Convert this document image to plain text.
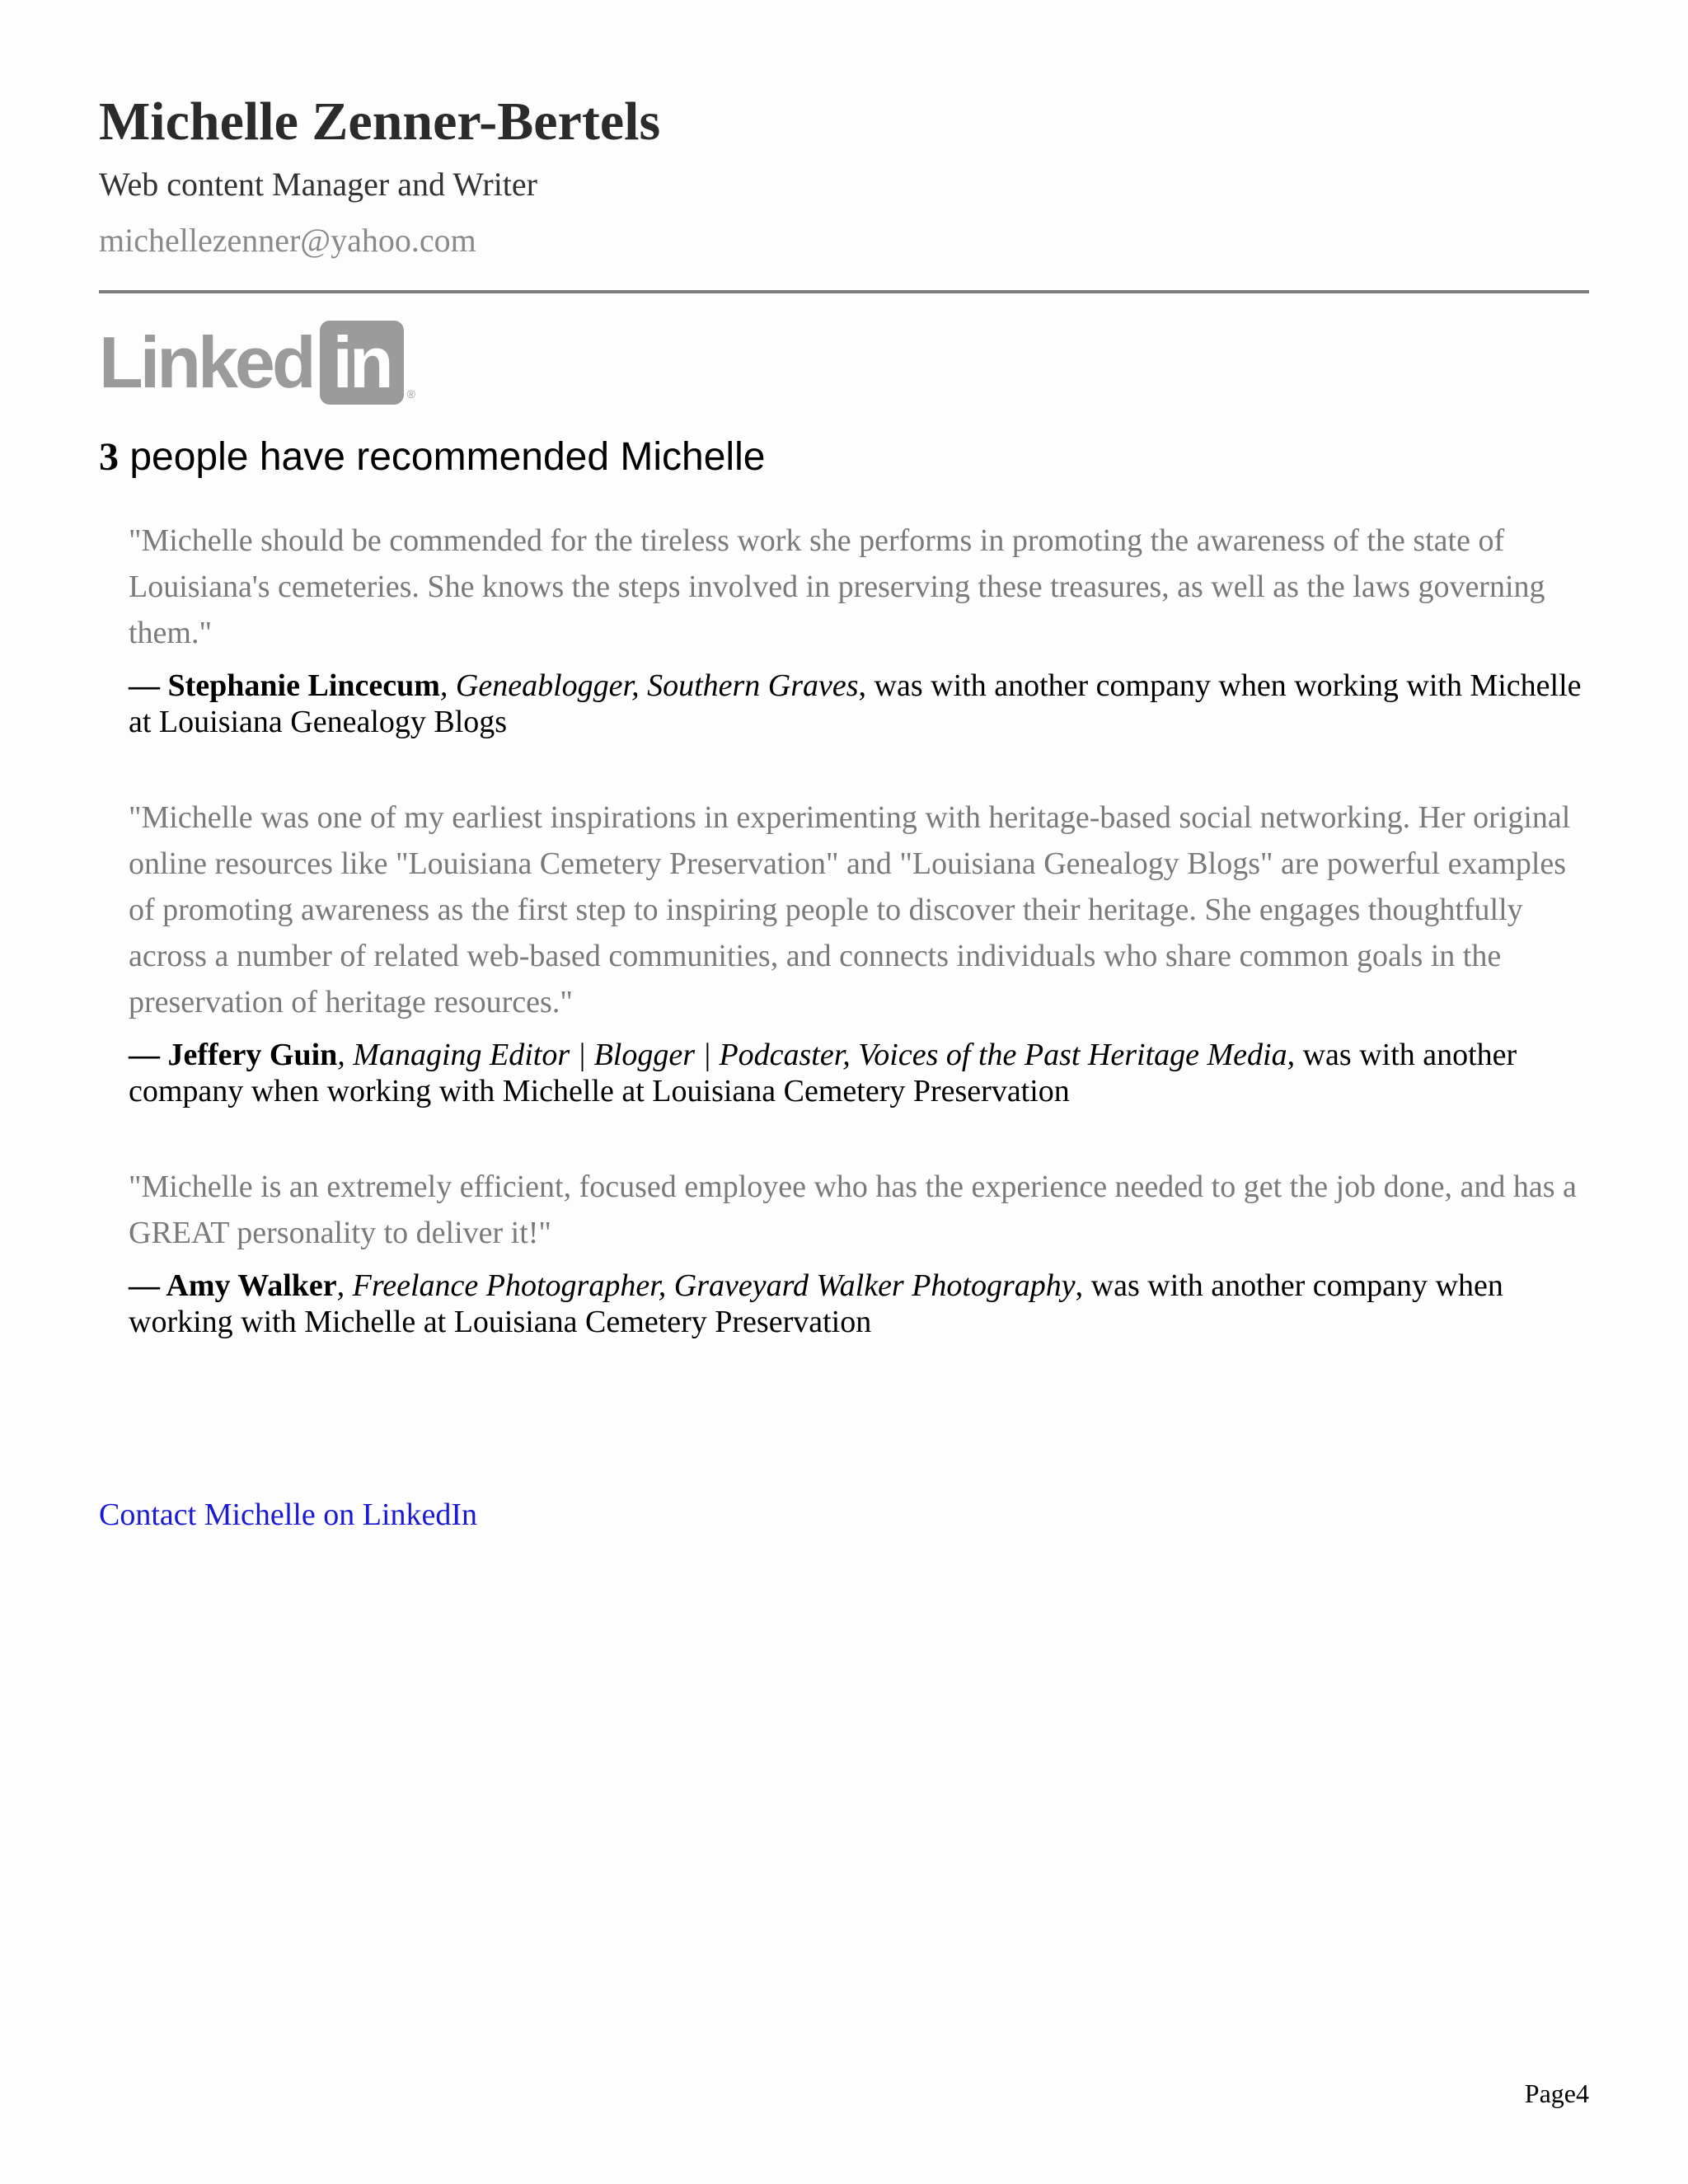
Michelle Zenner-Bertels
Web content Manager and Writer
michellezenner@yahoo.com
Linked in	®
3 people have recommended Michelle

"Michelle should be commended for the tireless work she performs in promoting the awareness of the state of Louisiana's cemeteries. She knows the steps involved in preserving these treasures, as well as the laws governing them."

— Stephanie Lincecum, Geneablogger, Southern Graves, was with another company when working with Michelle at Louisiana Genealogy Blogs

"Michelle was one of my earliest inspirations in experimenting with heritage-based social networking. Her original online resources like "Louisiana Cemetery Preservation" and "Louisiana Genealogy Blogs" are powerful examples of promoting awareness as the first step to inspiring people to discover their heritage. She engages thoughtfully across a number of related web-based communities, and connects individuals who share common goals in the preservation of heritage resources."

— Jeffery Guin, Managing Editor | Blogger | Podcaster, Voices of the Past Heritage Media, was with another company when working with Michelle at Louisiana Cemetery Preservation

"Michelle is an extremely efficient, focused employee who has the experience needed to get the job done, and has a GREAT personality to deliver it!"

— Amy Walker, Freelance Photographer, Graveyard Walker Photography, was with another company when working with Michelle at Louisiana Cemetery Preservation

Contact Michelle on LinkedIn
Page4
